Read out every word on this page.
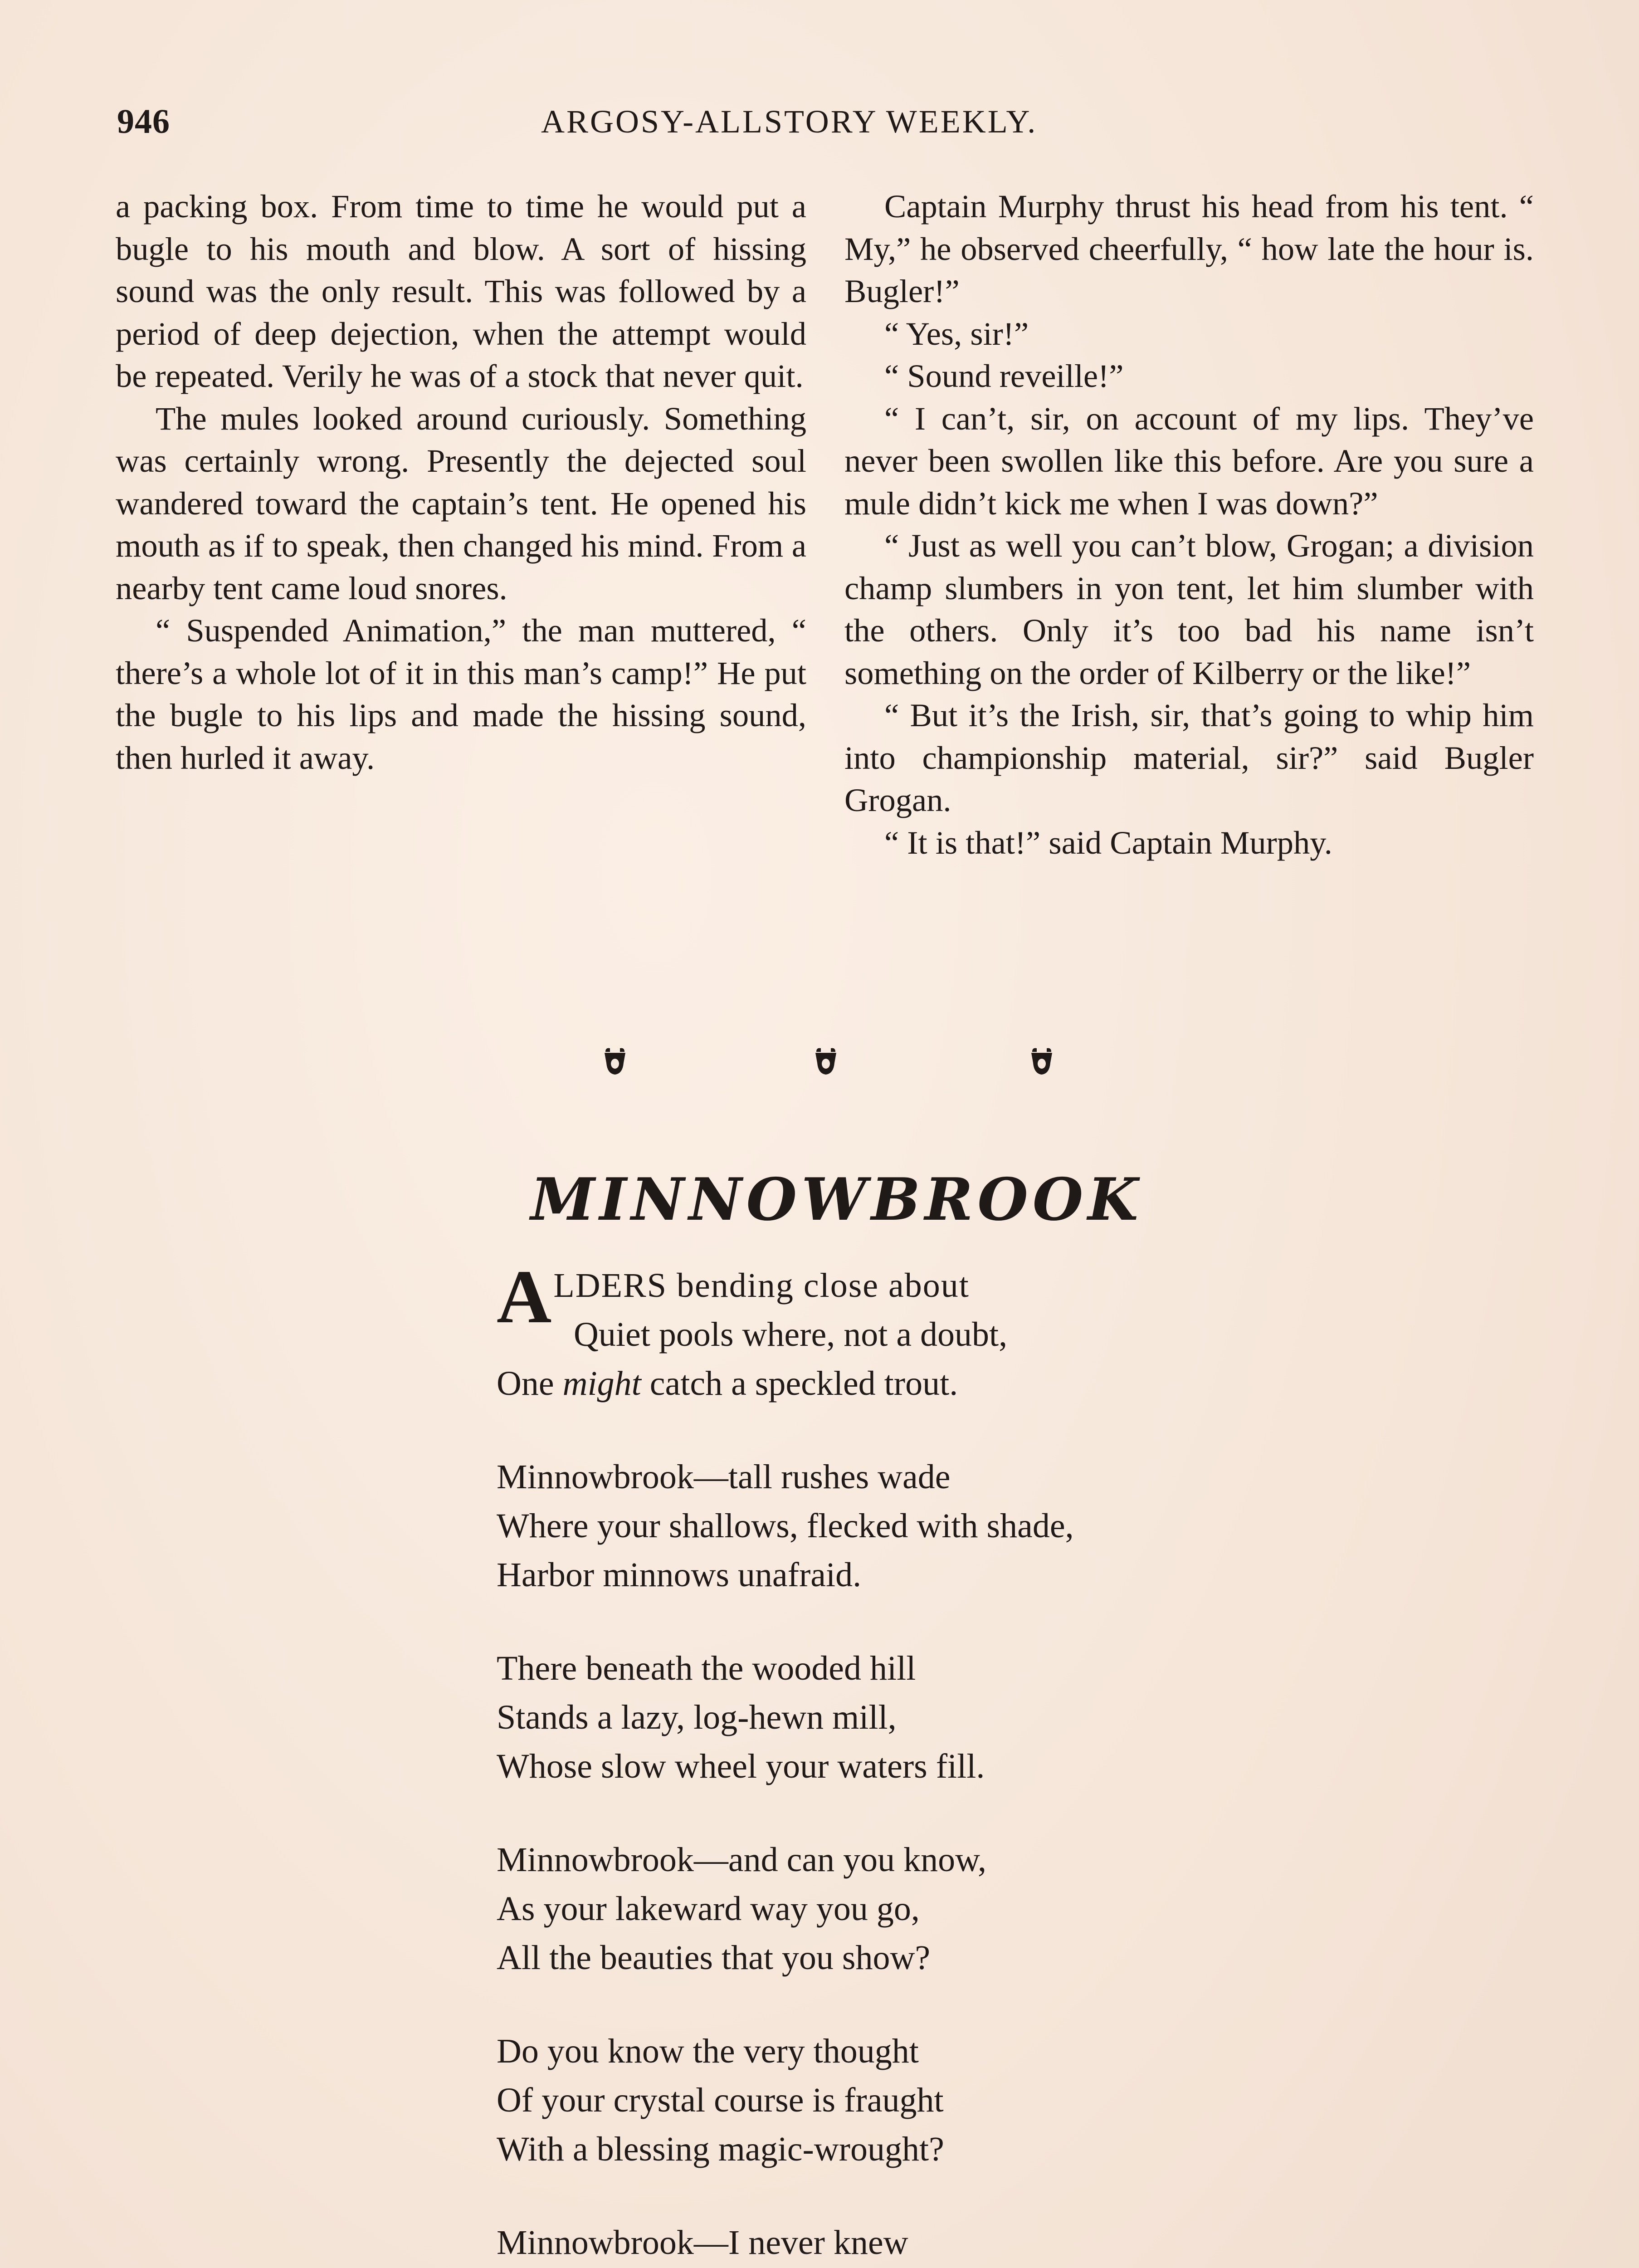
946	ARGOSY-ALLSTORY WEEKLY.

a packing box. From time to time he would put a bugle to his mouth and blow. A sort of hissing sound was the only result. This was followed by a period of deep dejection, when the attempt would be repeated. Verily he was of a stock that never quit.

The mules looked around curiously. Something was certainly wrong. Presently the dejected soul wandered toward the captain’s tent. He opened his mouth as if to speak, then changed his mind. From a nearby tent came loud snores.

“ Suspended Animation,” the man muttered, “ there’s a whole lot of it in this man’s camp!” He put the bugle to his lips and made the hissing sound, then hurled it away.

Captain Murphy thrust his head from his tent. “ My,” he observed cheerfully, “ how late the hour is. Bugler!”

“ Yes, sir!”

“ Sound reveille!”

“ I can’t, sir, on account of my lips. They’ve never been swollen like this before. Are you sure a mule didn’t kick me when I was down?”

“ Just as well you can’t blow, Grogan; a division champ slumbers in yon tent, let him slumber with the others. Only it’s too bad his name isn’t something on the order of Kilberry or the like!”

“ But it’s the Irish, sir, that’s going to whip him into championship material, sir?” said Bugler Grogan.

“ It is that!” said Captain Murphy.

MINNOWBROOK
A LDERS bending close about
Quiet pools where, not a doubt,
One might catch a speckled trout.
Minnowbrook—tall rushes wade
Where your shallows, flecked with shade,
Harbor minnows unafraid.
There beneath the wooded hill
Stands a lazy, log-hewn mill,
Whose slow wheel your waters fill.
Minnowbrook—and can you know,
As your lakeward way you go,
All the beauties that you show?
Do you know the very thought
Of your crystal course is fraught
With a blessing magic-wrought?
Minnowbrook—I never knew
